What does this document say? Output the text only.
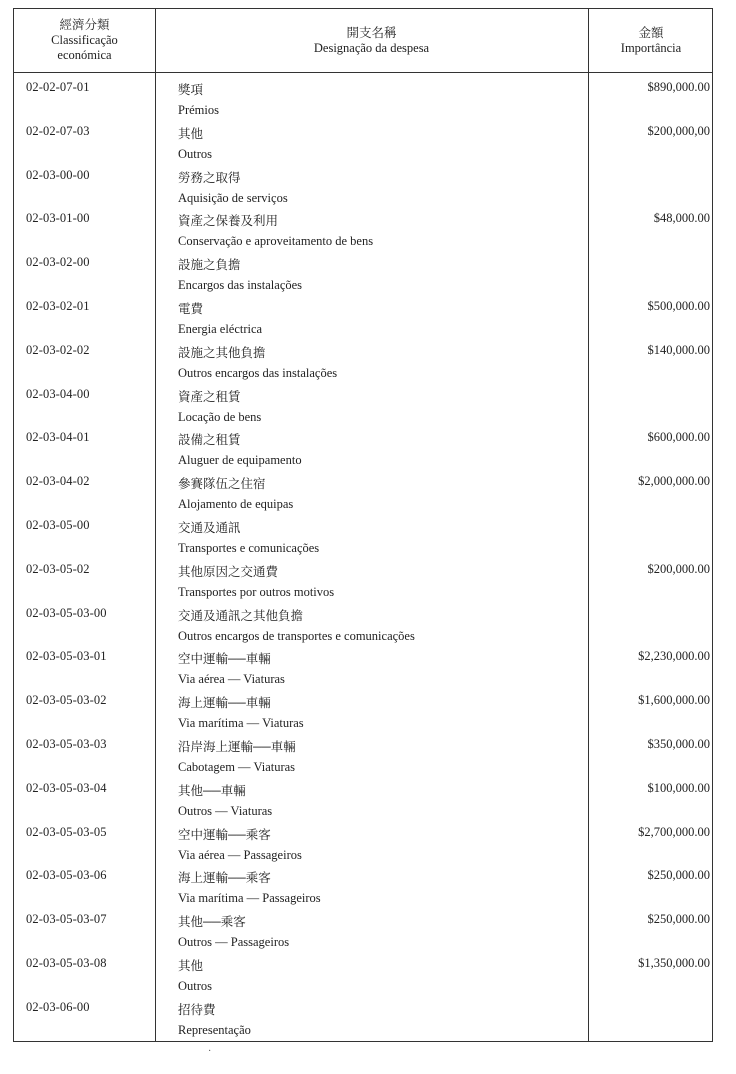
經濟分類
Classificação
económica
開支名稱
Designação da despesa
金額
Importância
02-02-07-01	獎項
Prémios
$890,000.00
02-02-07-03	其他
Outros
$200,000,00
02-03-00-00	勞務之取得
Aquisição de serviços
02-03-01-00	資產之保養及利用
Conservação e aproveitamento de bens
$48,000.00
02-03-02-00	設施之負擔
Encargos das instalações
02-03-02-01	電費
Energia eléctrica
$500,000.00
02-03-02-02	設施之其他負擔
Outros encargos das instalações
$140,000.00
02-03-04-00	資產之租賃
Locação de bens
02-03-04-01	設備之租賃
Aluguer de equipamento
$600,000.00
02-03-04-02	參賽隊伍之住宿
Alojamento de equipas
$2,000,000.00
02-03-05-00	交通及通訊
Transportes e comunicações
02-03-05-02	其他原因之交通費
Transportes por outros motivos
$200,000.00
02-03-05-03-00	交通及通訊之其他負擔
Outros encargos de transportes e comunicações
02-03-05-03-01	空中運輸──車輛
Via aérea — Viaturas
$2,230,000.00
02-03-05-03-02	海上運輸──車輛
Via marítima — Viaturas
$1,600,000.00
02-03-05-03-03	沿岸海上運輸──車輛
Cabotagem — Viaturas
$350,000.00
02-03-05-03-04	其他──車輛
Outros — Viaturas
$100,000.00
02-03-05-03-05	空中運輸──乘客
Via aérea — Passageiros
$2,700,000.00
02-03-05-03-06	海上運輸──乘客
Via marítima — Passageiros
$250,000.00
02-03-05-03-07	其他──乘客
Outros — Passageiros
$250,000.00
02-03-05-03-08	其他
Outros
$1,350,000.00
02-03-06-00	招待費
Representação
·
